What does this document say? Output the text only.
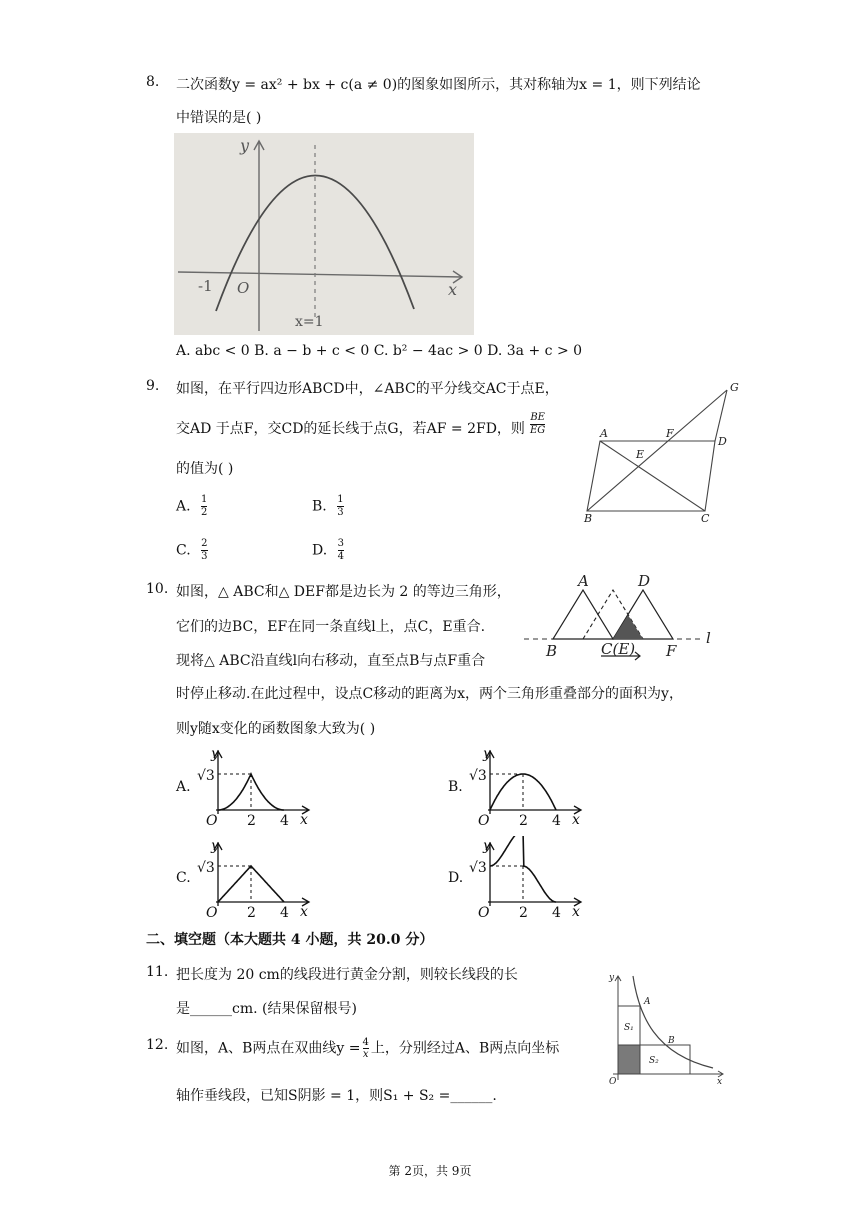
8. 二次函数y = ax² + bx + c(a ≠ 0)的图象如图所示，其对称轴为x = 1，则下列结论
中错误的是( )
y
x
O
-1
x=1
A. abc < 0 B. a − b + c < 0 C. b² − 4ac > 0 D. 3a + c > 0
9. 如图，在平行四边形ABCD中，∠ABC的平分线交AC于点E，
交AD 于点F，交CD的延长线于点G，若AF = 2FD，则 $\frac{BE}{EG}$
的值为( )
A. $\frac{1}{2}$	B. $\frac{1}{3}$
C. $\frac{2}{3}$	D. $\frac{3}{4}$
G
A	F
D
E
B	C
10. 如图，△ ABC和△ DEF都是边长为 2 的等边三角形，
它们的边BC，EF在同一条直线l上，点C，E重合.
现将△ ABC沿直线l向右移动，直至点B与点F重合
时停止移动.在此过程中，设点C移动的距离为x，两个三角形重叠部分的面积为y，
则y随x变化的函数图象大致为( )
A	D
B	C(E) F
l
A.	B.
C.	D.
y
√3
O 2 4 x
y
√3
O 2 4 x
y
√3
O 2 4 x
y
√3
O 2 4 x
二、填空题（本大题共 4 小题，共 20.0 分）
11. 把长度为 20 cm的线段进行黄金分割，则较长线段的长
是______cm. (结果保留根号)
12. 如图，A、B两点在双曲线$y = \frac{4}{x}$ 上，分别经过A、B两点向坐标
轴作垂线段，已知S阴影 = 1，则S₁ + S₂ =______.
y
x
O
A
B
S₁
S₂
第 2页，共 9页
